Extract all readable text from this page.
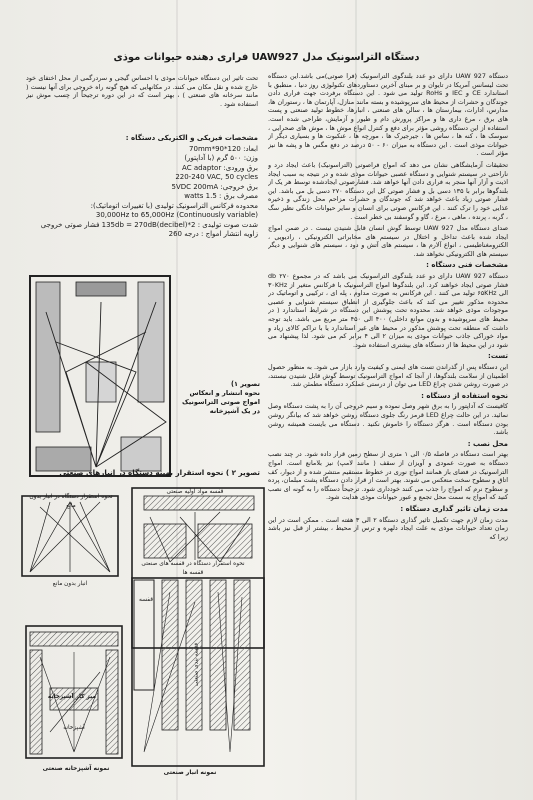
دستگاه التراسونیک مدل UAW927 فراری دهنده حیوانات موذی

دستگاه UAW 927 دارای دو عدد بلندگوی التراسونیک (فرا صوتی)می باشد.این دستگاه تحت لیسانس آمریکا در تایوان و بر مبنای آخرین دستاوردهای تکنولوژی روز دنیا ، منطبق با استاندارد CE و IEC و RoHs تولید می شود . این دستگاه برفردت جهت فراری دادن جوندگان و حشرات از محیط های سرپوشیده و بسته مانند منازل، آپارتمان ها ، رستوران ها، مدارس، ادارات، بیمارستان ها ، سالن های صنعتی ، انبارها، خطوط تولید صنعتی و پست های برق ، مرغ داری ها و مراکز پرورش دام و طیور و آزمایش، طراحی شده است. استفاده از این دستگاه روشی مؤثر برای دفع و کنترل انواع موش ها ، موش های صحرایی ، سوسک ها ، کنه ها ، ساس ها ، جیرجیرک ها ، مورچه ها ، عنکبوت ها و بسیاری دیگر از حیوانات موذی است . این دستگاه به میزان ۶۰ - ۵۰ درصد در دفع مگس ها و پشه ها نیز مؤثر است .

تحقیقات آزمایشگاهی نشان می دهد که امواج فراصوتی (التراسونیک) باعث ایجاد درد و ناراحتی در سیستم شنوایی و دستگاه عصبی حیوانات موذی شده و در نتیجه به سبب ایجاد اذیت و آزار آنها منجر به فراری دادن آنها خواهد شد. فشارصوتی ایجادشده توسط هر یک از بلندگوها برابر با ۱۳۵ دسی بل و فشار صوتی کل این دستگاه ۲۷۰ دسی بل می باشد. این فشار صوتی زیاد باعث خواهد شد که جوندگان و حشرات مزاحم محل زندگی و ذخیره غذایی خود را ترک کنند . این فرکانس صوتی برای انسان و سایر حیوانات خانگی نظیر سگ ، گربه ، پرنده ، ماهی ، مرغ ، گاو و گوسفند بی خطر است .

صدای دستگاه مدل UAW 927 توسط گوش انسان قابل شنیدن نیست . در ضمن امواج ایجاد شده باعث تداخل و اختلال در سیستم های مخابراتی الکترونیکی ، رادیویی ، الکترومغناطیسی ، انواع آلارم ها ، سیستم های آتش و دود ، سیستم های شنوایی و دیگر سیستم های الکترونیکی نخواهد شد.

مشخصات فنی دستگاه :

دستگاه UAW 927 دارای دو عدد بلندگوی التراسونیک می باشد که در مجموع ۲۷۰ db فشار صوتی ایجاد خواهند کرد. این بلندگوها امواج التراسونیک با فرکانس متغیر از ۳۰KHz الی ۶۵KHz تولید می کنند . این فرکانس به صورت مداوم ، پله ای ، ترکیبی و اتوماتیک در محدوده مذکور تغییر می کند که باعث جلوگیری از انطباق سیستم شنوایی و عصبی موجودات موذی خواهد شد. محدوده تحت پوشش این دستگاه در شرایط استاندارد ( در محیط های سرپوشیده و بدون موانع داخلی) ۴۰۰ الی ۴۵۰ متر مربع می باشد. باید توجه داشت که منطقه تحت پوشش مذکور در محیط های غیر استاندارد یا با تراکم کالای زیاد و مواد خوراکی جاذب حیوانات موذی به میزان ۲ الی ۴ برابر کم می شود. لذا پیشنهاد می شود در این محیط ها از دستگاه های بیشتری استفاده شود.

تست:

این دستگاه پس از گذراندن تست های ایمنی و کیفیت وارد بازار می شود. به منظور حصول اطمینان از سلامت بلندگوها، از آنجا که امواج التراسونیک توسط گوش قابل شنیدن نیستند، در صورت روشن شدن چراغ LED می توان از درستی عملکرد دستگاه مطمئن شد.

نحوه استفاده از دستگاه :

کافیست که آداپتور را به برق شهر وصل نموده و سیم خروجی آن را به پشت دستگاه وصل نمائید. در این حالت چراغ LED قرمز رنگ جلوی دستگاه روشن خواهد شد که بیانگر روشن بودن دستگاه است . هرگز دستگاه را خاموش نکنید . دستگاه می بایست همیشه روشن باشد.

محل نصب :

بهتر است دستگاه در فاصله ۰/۵ الی ۱ متری از سطح زمین قرار داده شود. در چند نصب دستگاه به صورت عمودی و آویزان از سقف ( مانند لامپ) نیز بلامانع است. امواج التراسونیک در فضای باز همانند امواج نوری در خطوط مستقیم منتشر شده و از دیوار، کف اتاق و سطوح سخت منعکس می شوند. بهتر است از قرار دادن دستگاه پشت مبلمان، پرده و سطوح نرم که امواج را جذب می کنند خودداری شود. ترجیحاً دستگاه را به گونه ای نصب کنید که امواج به سمت محل تجمع و عبور حیوانات موذی هدایت شود.

مدت زمان تاثیر گذاری دستگاه :

مدت زمان لازم جهت تکمیل تاثیر گذاری دستگاه ۲ الی ۳ هفته است . ممکن است در این زمان تعداد حیوانات موذی به علت ایجاد دلهره و ترس از محیط ، بیشتر از قبل نیز باشد زیرا که

تحت تاثیر این دستگاه حیوانات موذی با احساس گیجی و سردرگمی از محل اختفای خود خارج شده و نقل مکان می کنند. در مکانهایی که هیچ گونه راه خروجی برای آنها نیست ( مانند سرخانه های صنعتی ) ، بهتر است که در این دوره ترجیحاً از چسب موش نیز استفاده شود .

مشخصات فیزیکی و الکتریکی دستگاه :
ابعاد: 120*90*70mm
وزن: ۵۰۰ گرم (با آداپتور)
برق ورودی: AC adaptor
220-240 VAC, 50 cycles
برق خروجی: 5VDC 200mA
مصرف برق : 1.5 watts
محدوده فرکانس التراسونیک تولیدی (با تغییرات اتوماتیک):
30,000Hz to 65,000Hz (Continuously variable)
شدت صوت تولیدی : 2*135db = 270dB(decibel) فشار صوتی خروجی
زاویه انتشار امواج : درجه 260
تصویر ۱)
نحوه انتشار و انعکاس
امواج صوتی التراسونیک در یک آشپزخانه
تصویر ۲ ) نحوه استقرار بهینه دستگاه در انبارهای صنعتی
نحوه استقرار دستگاه در انبار بدون مانع
انبار بدون مانع
قفسه مواد اولیه صنعتی
نحوه استقرار دستگاه در قفسه های صنعتی قفسه ها
قفسه
قفسه بندی صنعتی
میز کار آشپزخانه
آشپزخانه
نمونه آشپزخانه صنعتی
نمونه انبار صنعتی
